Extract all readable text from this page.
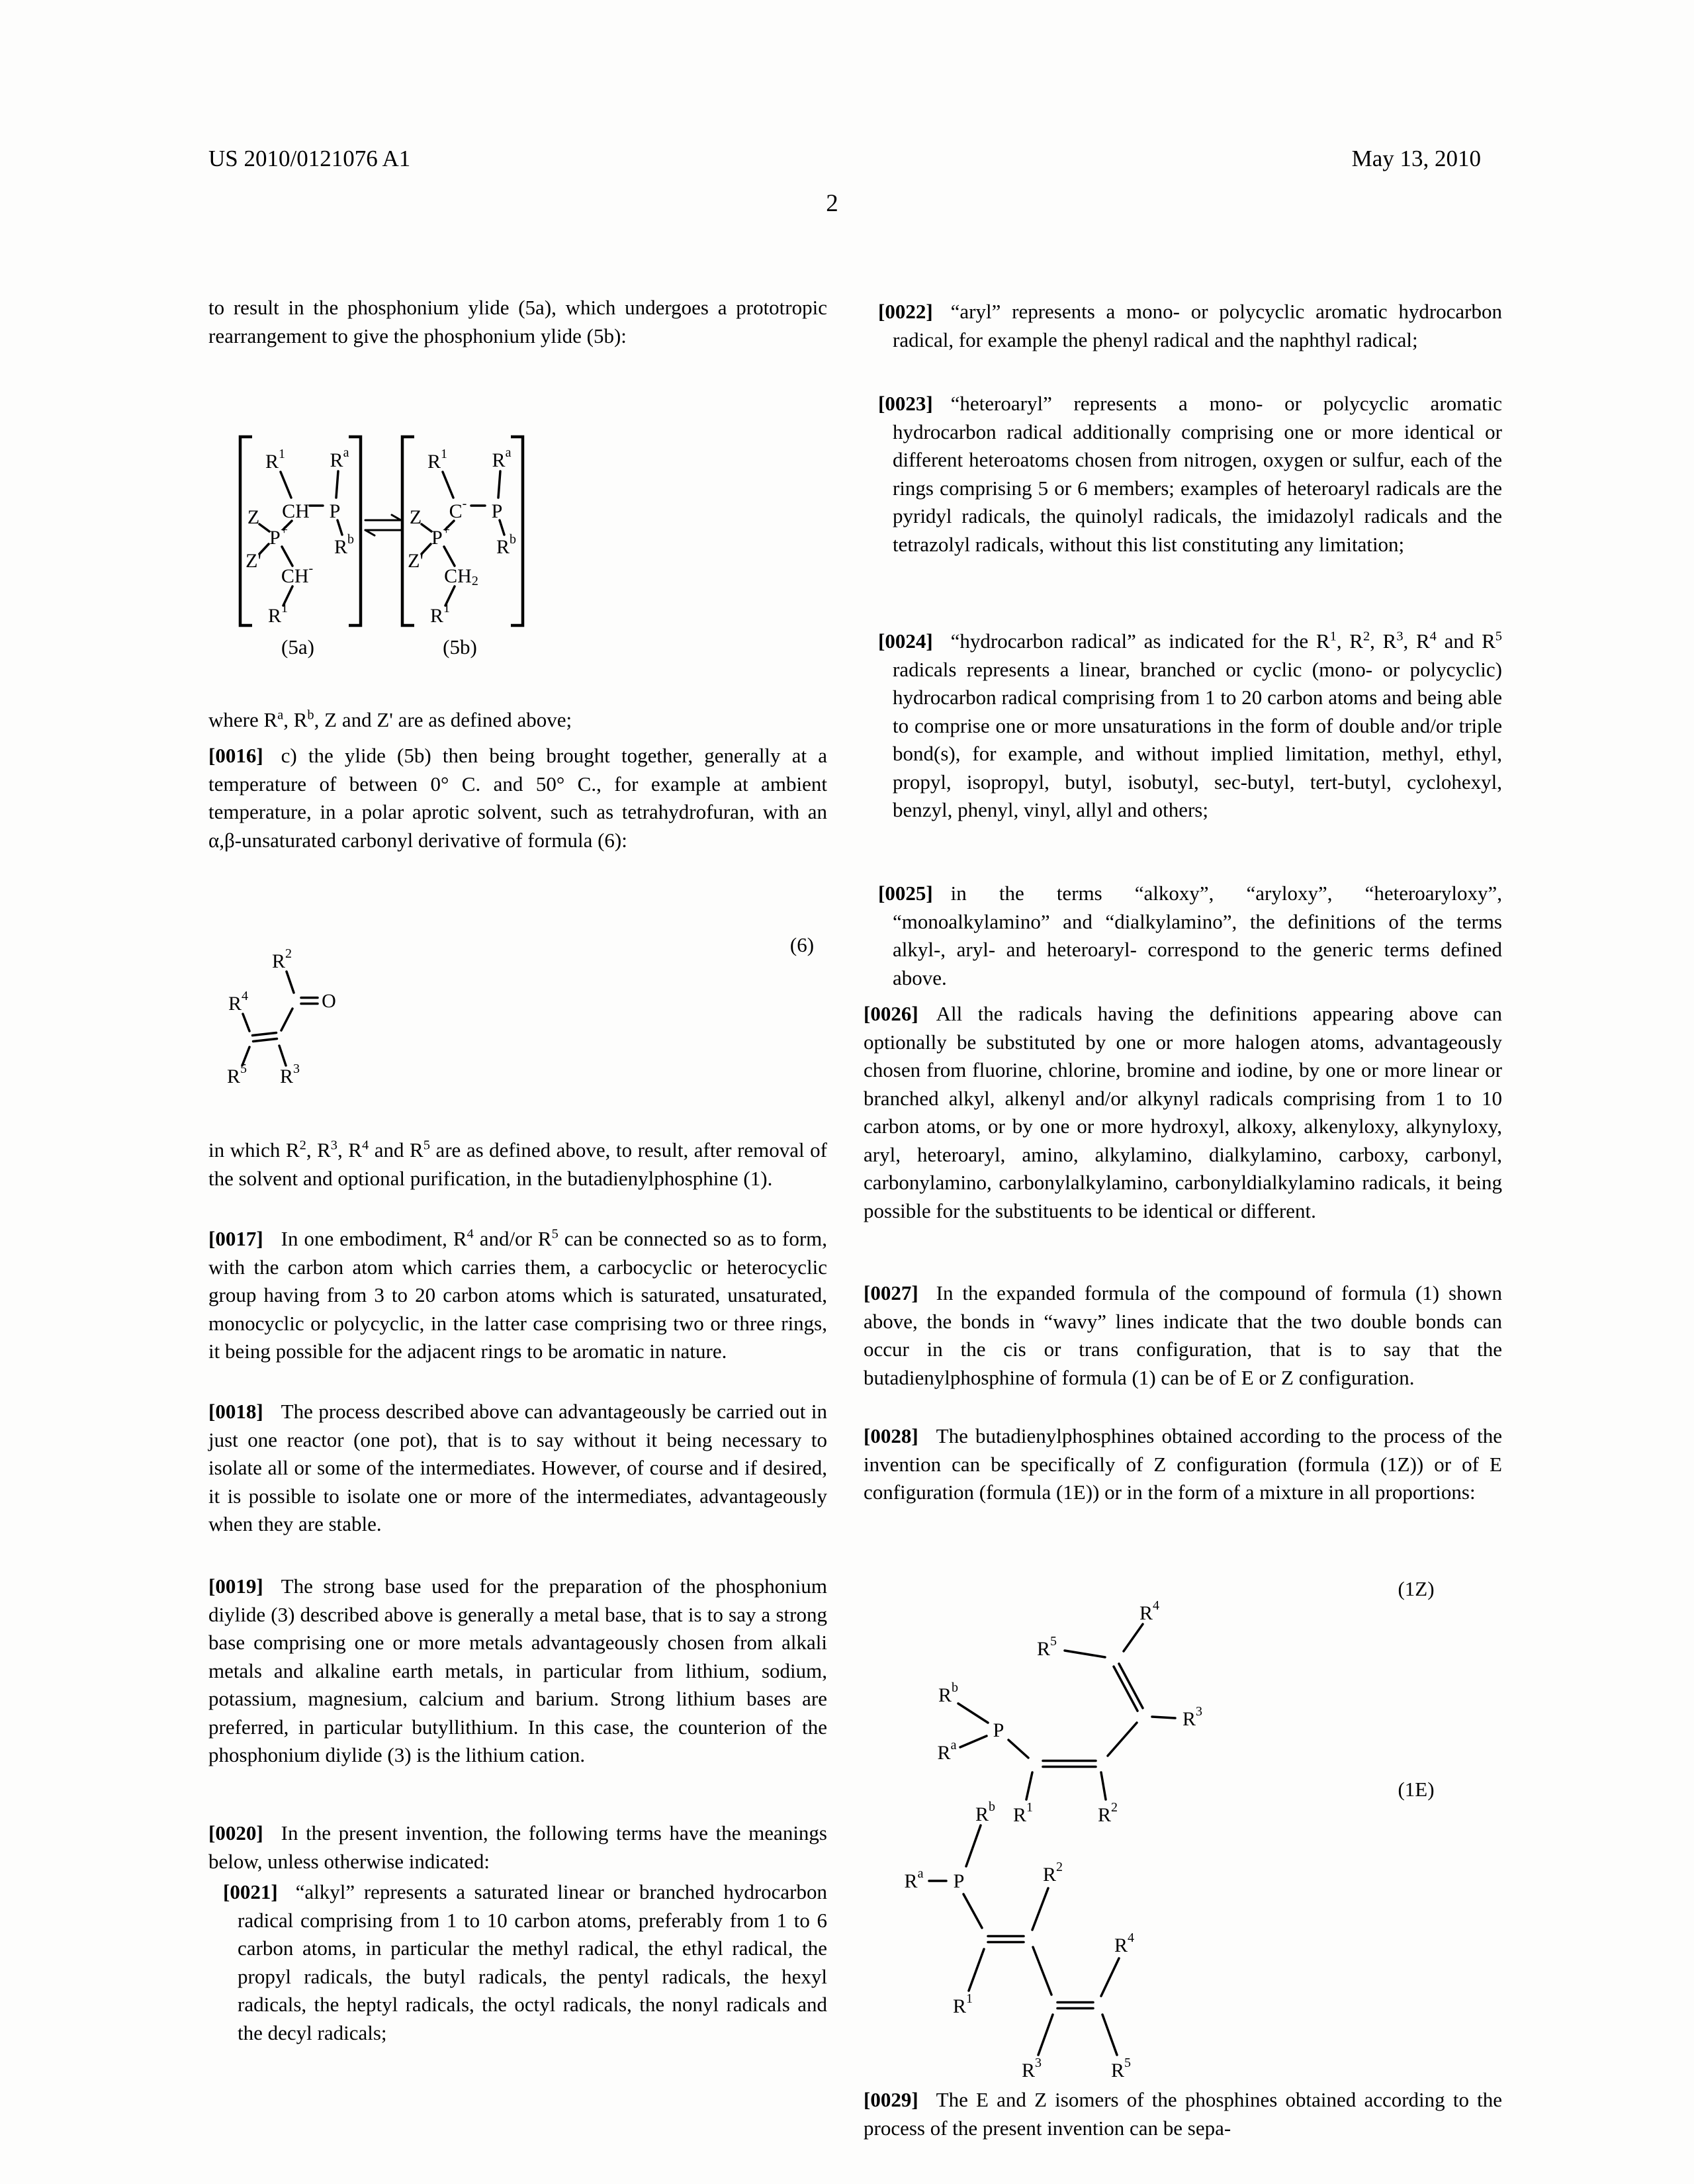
US 2010/0121076 A1	May 13, 2010
2
to result in the phosphonium ylide (5a), which undergoes a prototropic rearrangement to give the phosphonium ylide (5b):
where $R^a$, $R^b$, Z and Z' are as defined above;
[0016] c) the ylide (5b) then being brought together, generally at a temperature of between 0° C. and 50° C., for example at ambient temperature, in a polar aprotic solvent, such as tetrahydrofuran, with an α,β-unsaturated carbonyl derivative of formula (6):
in which $R^2$, $R^3$, $R^4$ and $R^5$ are as defined above, to result, after removal of the solvent and optional purification, in the butadienylphosphine (1).
[0017] In one embodiment, $R^4$ and/or $R^5$ can be connected so as to form, with the carbon atom which carries them, a carbocyclic or heterocyclic group having from 3 to 20 carbon atoms which is saturated, unsaturated, monocyclic or polycyclic, in the latter case comprising two or three rings, it being possible for the adjacent rings to be aromatic in nature.
[0018] The process described above can advantageously be carried out in just one reactor (one pot), that is to say without it being necessary to isolate all or some of the intermediates. However, of course and if desired, it is possible to isolate one or more of the intermediates, advantageously when they are stable.
[0019] The strong base used for the preparation of the phosphonium diylide (3) described above is generally a metal base, that is to say a strong base comprising one or more metals advantageously chosen from alkali metals and alkaline earth metals, in particular from lithium, sodium, potassium, magnesium, calcium and barium. Strong lithium bases are preferred, in particular butyllithium. In this case, the counterion of the phosphonium diylide (3) is the lithium cation.
[0020] In the present invention, the following terms have the meanings below, unless otherwise indicated:
[0021] “alkyl” represents a saturated linear or branched hydrocarbon radical comprising from 1 to 10 carbon atoms, preferably from 1 to 6 carbon atoms, in particular the methyl radical, the ethyl radical, the propyl radicals, the butyl radicals, the pentyl radicals, the hexyl radicals, the heptyl radicals, the octyl radicals, the nonyl radicals and the decyl radicals;
[0022] “aryl” represents a mono- or polycyclic aromatic hydrocarbon radical, for example the phenyl radical and the naphthyl radical;
[0023] “heteroaryl” represents a mono- or polycyclic aromatic hydrocarbon radical additionally comprising one or more identical or different heteroatoms chosen from nitrogen, oxygen or sulfur, each of the rings comprising 5 or 6 members; examples of heteroaryl radicals are the pyridyl radicals, the quinolyl radicals, the imidazolyl radicals and the tetrazolyl radicals, without this list constituting any limitation;
[0024] “hydrocarbon radical” as indicated for the $R^1$, $R^2$, $R^3$, $R^4$ and $R^5$ radicals represents a linear, branched or cyclic (mono- or polycyclic) hydrocarbon radical comprising from 1 to 20 carbon atoms and being able to comprise one or more unsaturations in the form of double and/or triple bond(s), for example, and without implied limitation, methyl, ethyl, propyl, isopropyl, butyl, isobutyl, sec-butyl, tert-butyl, cyclohexyl, benzyl, phenyl, vinyl, allyl and others;
[0025] in the terms “alkoxy”, “aryloxy”, “heteroaryloxy”, “monoalkylamino” and “dialkylamino”, the definitions of the terms alkyl-, aryl- and heteroaryl- correspond to the generic terms defined above.
[0026] All the radicals having the definitions appearing above can optionally be substituted by one or more halogen atoms, advantageously chosen from fluorine, chlorine, bromine and iodine, by one or more linear or branched alkyl, alkenyl and/or alkynyl radicals comprising from 1 to 10 carbon atoms, or by one or more hydroxyl, alkoxy, alkenyloxy, alkynyloxy, aryl, heteroaryl, amino, alkylamino, dialkylamino, carboxy, carbonyl, carbonylamino, carbonylalkylamino, carbonyldialkylamino radicals, it being possible for the substituents to be identical or different.
[0027] In the expanded formula of the compound of formula (1) shown above, the bonds in “wavy” lines indicate that the two double bonds can occur in the cis or trans configuration, that is to say that the butadienylphosphine of formula (1) can be of E or Z configuration.
[0028] The butadienylphosphines obtained according to the process of the invention can be specifically of Z configuration (formula (1Z)) or of E configuration (formula (1E)) or in the form of a mixture in all proportions:
[0029] The E and Z isomers of the phosphines obtained according to the process of the present invention can be sepa-
$R^1$ $R^a$
CH P
$R^b$
Z
P+
Z'
CH-
$R^1$
(5a)
$R^1$ $R^a$
C- P
$R^b$
Z
P+
Z'
$CH_2$
$R^1$
(5b)
$R^2$
O
$R^4$
$R^5$ $R^3$
$R^4$
$R^5$
$R^3$
$R^b$
P
$R^a$
$R^1$	$R^2$
$R^b$
$R^a$ P	$R^2$
$R^4$
$R^1$
$R^3$	$R^5$
(6)
(1Z)
(1E)
